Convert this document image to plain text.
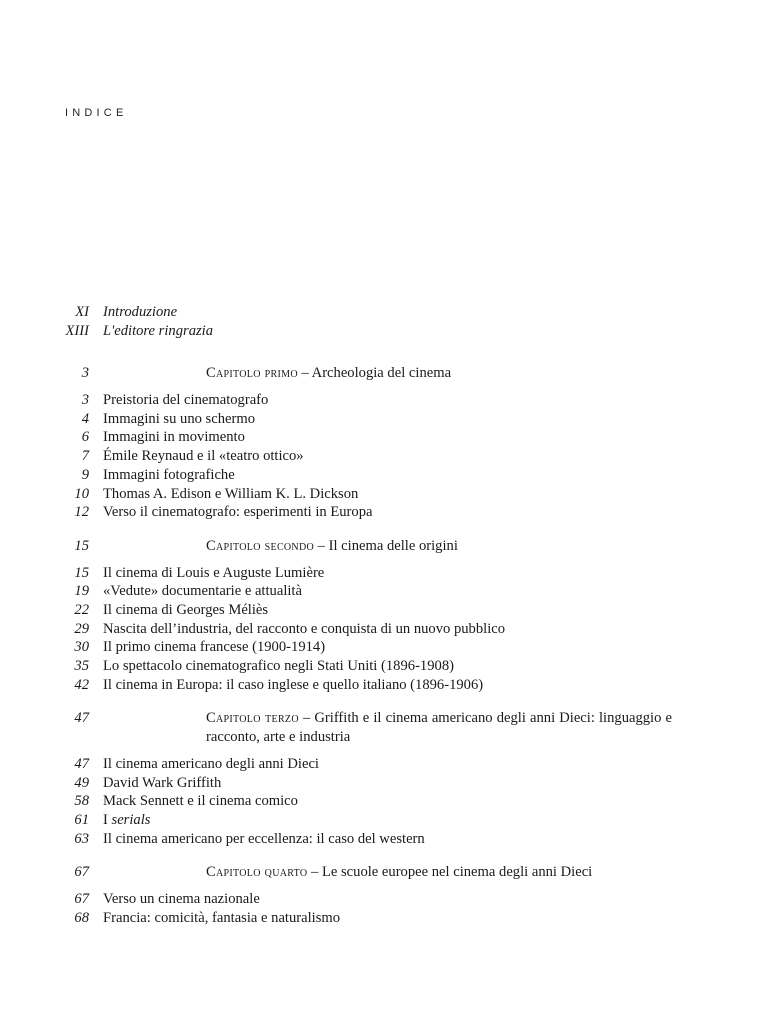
INDICE
XI Introduzione
XIII L'editore ringrazia
3	Capitolo primo – Archeologia del cinema
3 Preistoria del cinematografo
4 Immagini su uno schermo
6 Immagini in movimento
7 Émile Reynaud e il «teatro ottico»
9 Immagini fotografiche
10 Thomas A. Edison e William K. L. Dickson
12 Verso il cinematografo: esperimenti in Europa
15	Capitolo secondo – Il cinema delle origini
15 Il cinema di Louis e Auguste Lumière
19 «Vedute» documentarie e attualità
22 Il cinema di Georges Méliès
29 Nascita dell’industria, del racconto e conquista di un nuovo pubblico
30 Il primo cinema francese (1900-1914)
35 Lo spettacolo cinematografico negli Stati Uniti (1896-1908)
42 Il cinema in Europa: il caso inglese e quello italiano (1896-1906)
47	Capitolo terzo – Griffith e il cinema americano degli anni Dieci: linguaggio e racconto, arte e industria
47 Il cinema americano degli anni Dieci
49 David Wark Griffith
58 Mack Sennett e il cinema comico
61 I serials
63 Il cinema americano per eccellenza: il caso del western
67	Capitolo quarto – Le scuole europee nel cinema degli anni Dieci
67 Verso un cinema nazionale
68 Francia: comicità, fantasia e naturalismo
